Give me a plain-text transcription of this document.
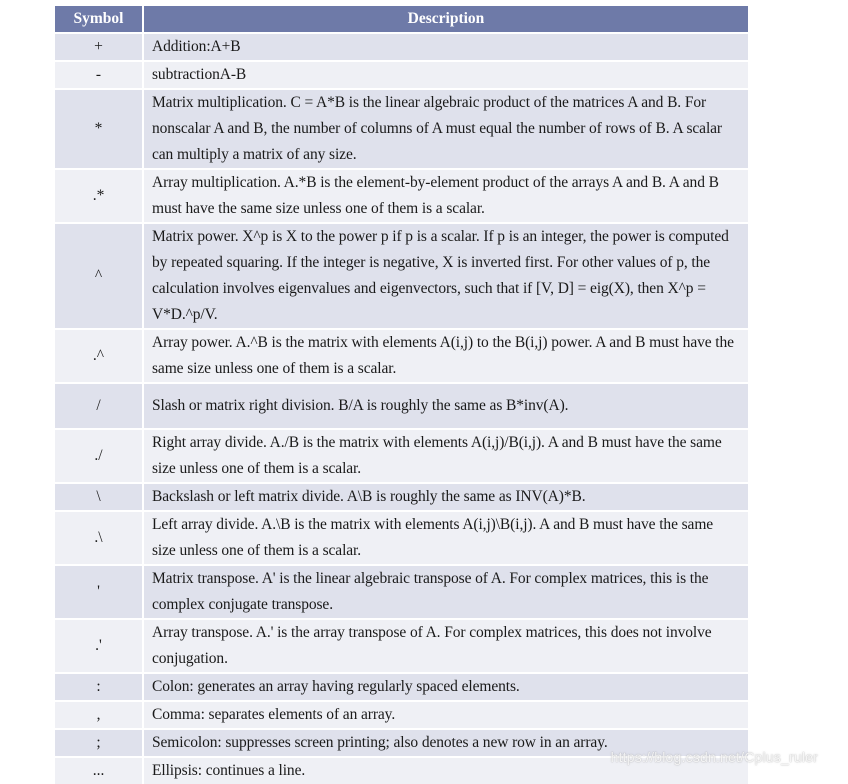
Symbol	Description
+	Addition:A+B
-	subtractionA-B
*	Matrix multiplication. C = A*B is the linear algebraic product of the matrices A and B. For nonscalar A and B, the number of columns of A must equal the number of rows of B. A scalar can multiply a matrix of any size.
.*	Array multiplication. A.*B is the element-by-element product of the arrays A and B. A and B must have the same size unless one of them is a scalar.
^	Matrix power. X^p is X to the power p if p is a scalar. If p is an integer, the power is computed by repeated squaring. If the integer is negative, X is inverted first. For other values of p, the calculation involves eigenvalues and eigenvectors, such that if [V, D] = eig(X), then X^p = V*D.^p/V.
.^	Array power. A.^B is the matrix with elements A(i,j) to the B(i,j) power. A and B must have the same size unless one of them is a scalar.
/	Slash or matrix right division. B/A is roughly the same as B*inv(A).
./	Right array divide. A./B is the matrix with elements A(i,j)/B(i,j). A and B must have the same size unless one of them is a scalar.
\	Backslash or left matrix divide. A\B is roughly the same as INV(A)*B.
.\	Left array divide. A.\B is the matrix with elements A(i,j)\B(i,j). A and B must have the same size unless one of them is a scalar.
'	Matrix transpose. A' is the linear algebraic transpose of A. For complex matrices, this is the complex conjugate transpose.
.'	Array transpose. A.' is the array transpose of A. For complex matrices, this does not involve conjugation.
:	Colon: generates an array having regularly spaced elements.
,	Comma: separates elements of an array.
;	Semicolon: suppresses screen printing; also denotes a new row in an array.
...	Ellipsis: continues a line.
https://blog.csdn.net/Cplus_ruler
